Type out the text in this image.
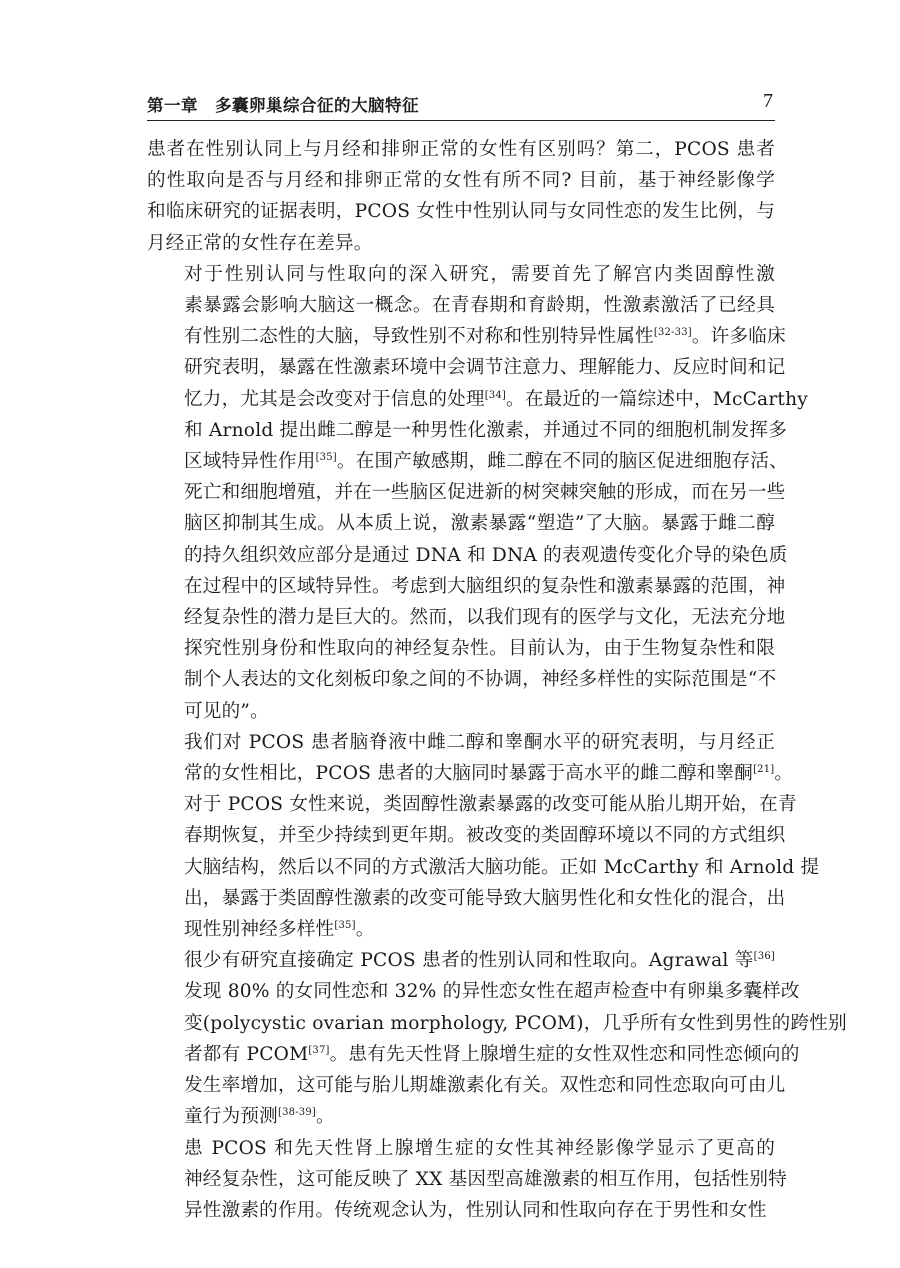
第一章　多囊卵巢综合征的大脑特征	7

患者在性别认同上与月经和排卵正常的女性有区别吗？第二，PCOS 患者
的性取向是否与月经和排卵正常的女性有所不同? 目前，基于神经影像学
和临床研究的证据表明，PCOS 女性中性别认同与女同性恋的发生比例，与
月经正常的女性存在差异。

对于性别认同与性取向的深入研究，需要首先了解宫内类固醇性激
素暴露会影响大脑这一概念。在青春期和育龄期，性激素激活了已经具
有性别二态性的大脑，导致性别不对称和性别特异性属性[32-33]。许多临床
研究表明，暴露在性激素环境中会调节注意力、理解能力、反应时间和记
忆力，尤其是会改变对于信息的处理[34]。在最近的一篇综述中，McCarthy
和 Arnold 提出雌二醇是一种男性化激素，并通过不同的细胞机制发挥多
区域特异性作用[35]。在围产敏感期，雌二醇在不同的脑区促进细胞存活、
死亡和细胞增殖，并在一些脑区促进新的树突棘突触的形成，而在另一些
脑区抑制其生成。从本质上说，激素暴露“塑造”了大脑。暴露于雌二醇
的持久组织效应部分是通过 DNA 和 DNA 的表观遗传变化介导的染色质
在过程中的区域特异性。考虑到大脑组织的复杂性和激素暴露的范围，神
经复杂性的潜力是巨大的。然而，以我们现有的医学与文化，无法充分地
探究性别身份和性取向的神经复杂性。目前认为，由于生物复杂性和限
制个人表达的文化刻板印象之间的不协调，神经多样性的实际范围是“不
可见的”。

我们对 PCOS 患者脑脊液中雌二醇和睾酮水平的研究表明，与月经正
常的女性相比，PCOS 患者的大脑同时暴露于高水平的雌二醇和睾酮[21]。
对于 PCOS 女性来说，类固醇性激素暴露的改变可能从胎儿期开始，在青
春期恢复，并至少持续到更年期。被改变的类固醇环境以不同的方式组织
大脑结构，然后以不同的方式激活大脑功能。正如 McCarthy 和 Arnold 提
出，暴露于类固醇性激素的改变可能导致大脑男性化和女性化的混合，出
现性别神经多样性[35]。

很少有研究直接确定 PCOS 患者的性别认同和性取向。Agrawal 等[36]
发现 80% 的女同性恋和 32% 的异性恋女性在超声检查中有卵巢多囊样改
变(polycystic ovarian morphology, PCOM)，几乎所有女性到男性的跨性别
者都有 PCOM[37]。患有先天性肾上腺增生症的女性双性恋和同性恋倾向的
发生率增加，这可能与胎儿期雄激素化有关。双性恋和同性恋取向可由儿
童行为预测[38-39]。

患 PCOS 和先天性肾上腺增生症的女性其神经影像学显示了更高的
神经复杂性，这可能反映了 XX 基因型高雄激素的相互作用，包括性别特
异性激素的作用。传统观念认为，性别认同和性取向存在于男性和女性
